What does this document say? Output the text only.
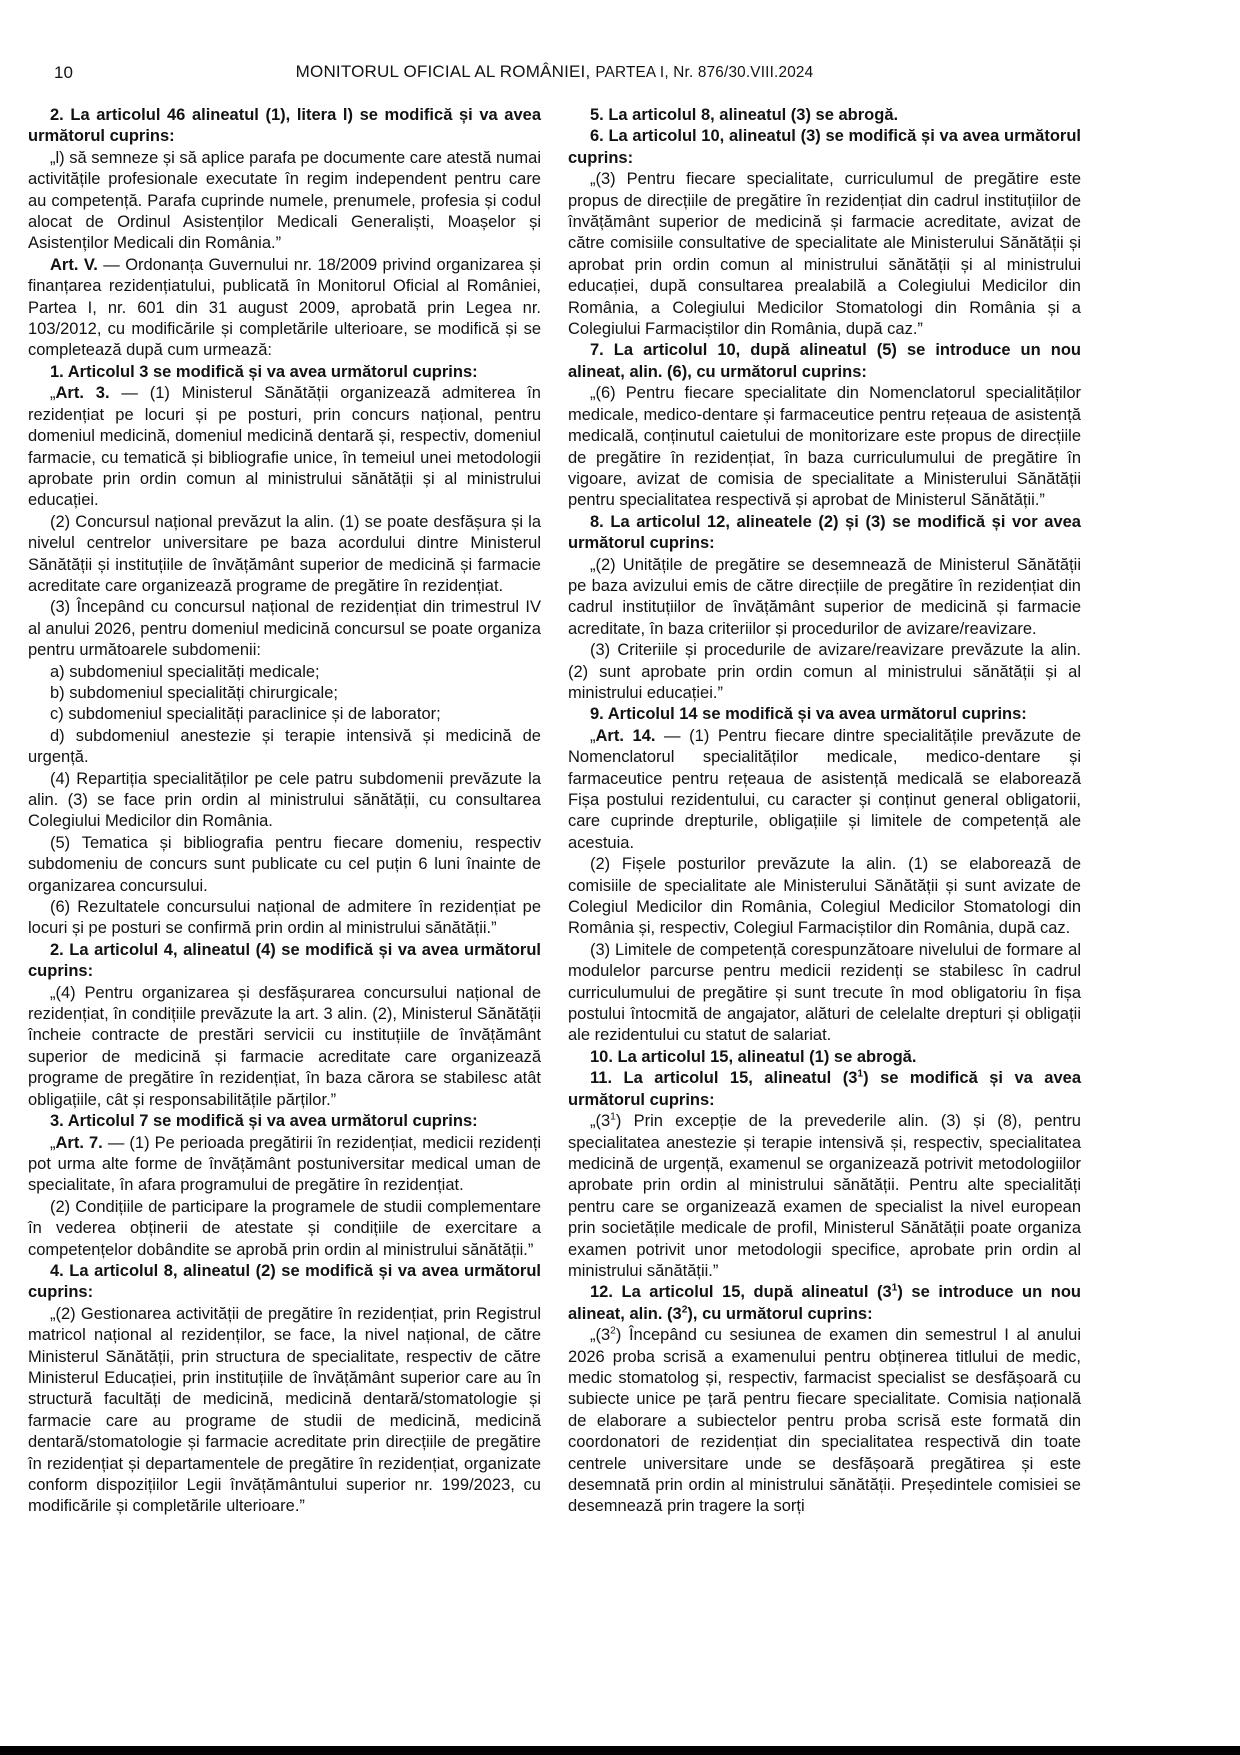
10	MONITORUL OFICIAL AL ROMÂNIEI, PARTEA I, Nr. 876/30.VIII.2024

2. La articolul 46 alineatul (1), litera l) se modifică și va avea următorul cuprins:

„l) să semneze și să aplice parafa pe documente care atestă numai activitățile profesionale executate în regim independent pentru care au competență. Parafa cuprinde numele, prenumele, profesia și codul alocat de Ordinul Asistenților Medicali Generaliști, Moașelor și Asistenților Medicali din România.”

Art. V. — Ordonanța Guvernului nr. 18/2009 privind organizarea și finanțarea rezidențiatului, publicată în Monitorul Oficial al României, Partea I, nr. 601 din 31 august 2009, aprobată prin Legea nr. 103/2012, cu modificările și completările ulterioare, se modifică și se completează după cum urmează:

1. Articolul 3 se modifică și va avea următorul cuprins:

„Art. 3. — (1) Ministerul Sănătății organizează admiterea în rezidențiat pe locuri și pe posturi, prin concurs național, pentru domeniul medicină, domeniul medicină dentară și, respectiv, domeniul farmacie, cu tematică și bibliografie unice, în temeiul unei metodologii aprobate prin ordin comun al ministrului sănătății și al ministrului educației.

(2) Concursul național prevăzut la alin. (1) se poate desfășura și la nivelul centrelor universitare pe baza acordului dintre Ministerul Sănătății și instituțiile de învățământ superior de medicină și farmacie acreditate care organizează programe de pregătire în rezidențiat.

(3) Începând cu concursul național de rezidențiat din trimestrul IV al anului 2026, pentru domeniul medicină concursul se poate organiza pentru următoarele subdomenii:

a) subdomeniul specialități medicale;

b) subdomeniul specialități chirurgicale;

c) subdomeniul specialități paraclinice și de laborator;

d) subdomeniul anestezie și terapie intensivă și medicină de urgență.

(4) Repartiția specialităților pe cele patru subdomenii prevăzute la alin. (3) se face prin ordin al ministrului sănătății, cu consultarea Colegiului Medicilor din România.

(5) Tematica și bibliografia pentru fiecare domeniu, respectiv subdomeniu de concurs sunt publicate cu cel puțin 6 luni înainte de organizarea concursului.

(6) Rezultatele concursului național de admitere în rezidențiat pe locuri și pe posturi se confirmă prin ordin al ministrului sănătății.”

2. La articolul 4, alineatul (4) se modifică și va avea următorul cuprins:

„(4) Pentru organizarea și desfășurarea concursului național de rezidențiat, în condițiile prevăzute la art. 3 alin. (2), Ministerul Sănătății încheie contracte de prestări servicii cu instituțiile de învățământ superior de medicină și farmacie acreditate care organizează programe de pregătire în rezidențiat, în baza cărora se stabilesc atât obligațiile, cât și responsabilitățile părților.”

3. Articolul 7 se modifică și va avea următorul cuprins:

„Art. 7. — (1) Pe perioada pregătirii în rezidențiat, medicii rezidenți pot urma alte forme de învățământ postuniversitar medical uman de specialitate, în afara programului de pregătire în rezidențiat.

(2) Condițiile de participare la programele de studii complementare în vederea obținerii de atestate și condițiile de exercitare a competențelor dobândite se aprobă prin ordin al ministrului sănătății.”

4. La articolul 8, alineatul (2) se modifică și va avea următorul cuprins:

„(2) Gestionarea activității de pregătire în rezidențiat, prin Registrul matricol național al rezidenților, se face, la nivel național, de către Ministerul Sănătății, prin structura de specialitate, respectiv de către Ministerul Educației, prin instituțiile de învățământ superior care au în structură facultăți de medicină, medicină dentară/stomatologie și farmacie care au programe de studii de medicină, medicină dentară/stomatologie și farmacie acreditate prin direcțiile de pregătire în rezidențiat și departamentele de pregătire în rezidențiat, organizate conform dispozițiilor Legii învățământului superior nr. 199/2023, cu modificările și completările ulterioare.”

5. La articolul 8, alineatul (3) se abrogă.

6. La articolul 10, alineatul (3) se modifică și va avea următorul cuprins:

„(3) Pentru fiecare specialitate, curriculumul de pregătire este propus de direcțiile de pregătire în rezidențiat din cadrul instituțiilor de învățământ superior de medicină și farmacie acreditate, avizat de către comisiile consultative de specialitate ale Ministerului Sănătății și aprobat prin ordin comun al ministrului sănătății și al ministrului educației, după consultarea prealabilă a Colegiului Medicilor din România, a Colegiului Medicilor Stomatologi din România și a Colegiului Farmaciștilor din România, după caz.”

7. La articolul 10, după alineatul (5) se introduce un nou alineat, alin. (6), cu următorul cuprins:

„(6) Pentru fiecare specialitate din Nomenclatorul specialităților medicale, medico-dentare și farmaceutice pentru rețeaua de asistență medicală, conținutul caietului de monitorizare este propus de direcțiile de pregătire în rezidențiat, în baza curriculumului de pregătire în vigoare, avizat de comisia de specialitate a Ministerului Sănătății pentru specialitatea respectivă și aprobat de Ministerul Sănătății.”

8. La articolul 12, alineatele (2) și (3) se modifică și vor avea următorul cuprins:

„(2) Unitățile de pregătire se desemnează de Ministerul Sănătății pe baza avizului emis de către direcțiile de pregătire în rezidențiat din cadrul instituțiilor de învățământ superior de medicină și farmacie acreditate, în baza criteriilor și procedurilor de avizare/reavizare.

(3) Criteriile și procedurile de avizare/reavizare prevăzute la alin. (2) sunt aprobate prin ordin comun al ministrului sănătății și al ministrului educației.”

9. Articolul 14 se modifică și va avea următorul cuprins:

„Art. 14. — (1) Pentru fiecare dintre specialitățile prevăzute de Nomenclatorul specialităților medicale, medico-dentare și farmaceutice pentru rețeaua de asistență medicală se elaborează Fișa postului rezidentului, cu caracter și conținut general obligatorii, care cuprinde drepturile, obligațiile și limitele de competență ale acestuia.

(2) Fișele posturilor prevăzute la alin. (1) se elaborează de comisiile de specialitate ale Ministerului Sănătății și sunt avizate de Colegiul Medicilor din România, Colegiul Medicilor Stomatologi din România și, respectiv, Colegiul Farmaciștilor din România, după caz.

(3) Limitele de competență corespunzătoare nivelului de formare al modulelor parcurse pentru medicii rezidenți se stabilesc în cadrul curriculumului de pregătire și sunt trecute în mod obligatoriu în fișa postului întocmită de angajator, alături de celelalte drepturi și obligații ale rezidentului cu statut de salariat.

10. La articolul 15, alineatul (1) se abrogă.

11. La articolul 15, alineatul $(3^1)$ se modifică și va avea următorul cuprins:

$„(3^1)$ Prin excepție de la prevederile alin. (3) și (8), pentru specialitatea anestezie și terapie intensivă și, respectiv, specialitatea medicină de urgență, examenul se organizează potrivit metodologiilor aprobate prin ordin al ministrului sănătății. Pentru alte specialități pentru care se organizează examen de specialist la nivel european prin societățile medicale de profil, Ministerul Sănătății poate organiza examen potrivit unor metodologii specifice, aprobate prin ordin al ministrului sănătății.”

12. La articolul 15, după alineatul $(3^1)$ se introduce un nou alineat, alin. $(3^2)$, cu următorul cuprins:

$„(3^2)$ Începând cu sesiunea de examen din semestrul I al anului 2026 proba scrisă a examenului pentru obținerea titlului de medic, medic stomatolog și, respectiv, farmacist specialist se desfășoară cu subiecte unice pe țară pentru fiecare specialitate. Comisia națională de elaborare a subiectelor pentru proba scrisă este formată din coordonatori de rezidențiat din specialitatea respectivă din toate centrele universitare unde se desfășoară pregătirea și este desemnată prin ordin al ministrului sănătății. Președintele comisiei se desemnează prin tragere la sorți
